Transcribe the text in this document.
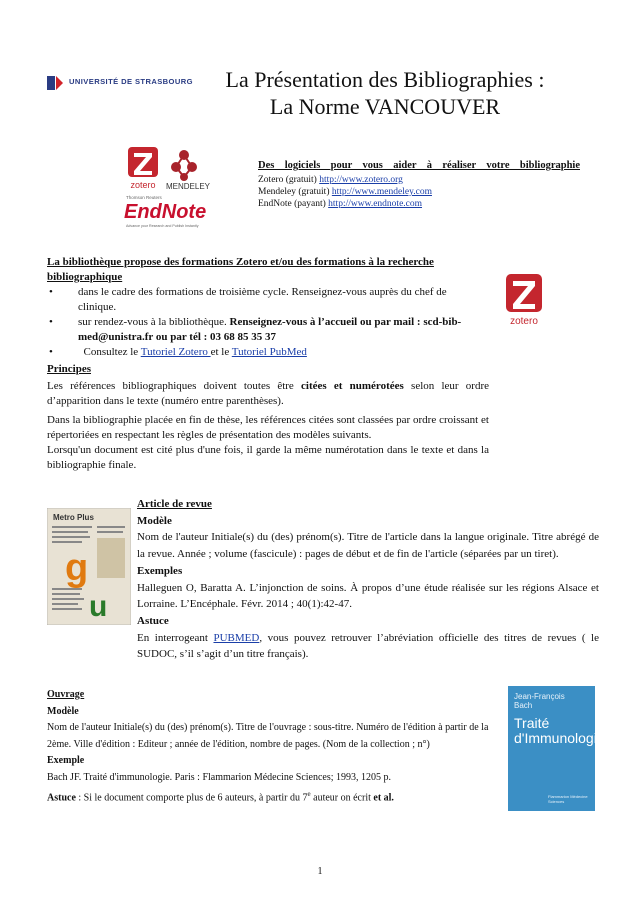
UNIVERSITÉ DE STRASBOURG	La Présentation des Bibliographies :
La Norme VANCOUVER
zotero MENDELEY
Thomson Reuters
EndNote
Advance your Research and Publish Instantly
Des logiciels pour vous aider à réaliser votre bibliographie
Zotero (gratuit) http://www.zotero.org
Mendeley (gratuit) http://www.mendeley.com
EndNote (payant) http://www.endnote.com
La bibliothèque propose des formations Zotero et/ou des formations à la recherche bibliographique
• dans le cadre des formations de troisième cycle. Renseignez-vous auprès du chef de clinique.
• sur rendez-vous à la bibliothèque. Renseignez-vous à l’accueil ou par mail : scd-bib-med@unistra.fr ou par tél : 03 68 85 35 37
• Consultez le Tutoriel Zotero et le Tutoriel PubMed
zotero
Principes
Les références bibliographiques doivent toutes être citées et numérotées selon leur ordre d’apparition dans le texte (numéro entre parenthèses).
Dans la bibliographie placée en fin de thèse, les références citées sont classées par ordre croissant et répertoriées en respectant les règles de présentation des modèles suivants.
Lorsqu'un document est cité plus d'une fois, il garde la même numérotation dans le texte et dans la bibliographie finale.
Metro Plus
g
u
Article de revue
Modèle
Nom de l'auteur Initiale(s) du (des) prénom(s). Titre de l'article dans la langue originale. Titre abrégé de la revue. Année ; volume (fascicule) : pages de début et de fin de l'article (séparées par un tiret).
Exemples
Halleguen O, Baratta A. L’injonction de soins. À propos d’une étude réalisée sur les régions Alsace et Lorraine. L’Encéphale. Févr. 2014 ; 40(1):42-47.
Astuce
En interrogeant PUBMED, vous pouvez retrouver l’abréviation officielle des titres de revues ( le SUDOC, s’il s’agit d’un titre français).
Ouvrage
Modèle
Nom de l'auteur Initiale(s) du (des) prénom(s). Titre de l'ouvrage : sous-titre. Numéro de l'édition à partir de la 2ème. Ville d'édition : Editeur ; année de l'édition, nombre de pages. (Nom de la collection ; n°)
Exemple
Bach JF. Traité d'immunologie. Paris : Flammarion Médecine Sciences; 1993, 1205 p.
Astuce : Si le document comporte plus de 6 auteurs, à partir du 7e auteur on écrit et al.
Jean-François Bach
Traité d'Immunologie
Flammarion Médecine Sciences
1
